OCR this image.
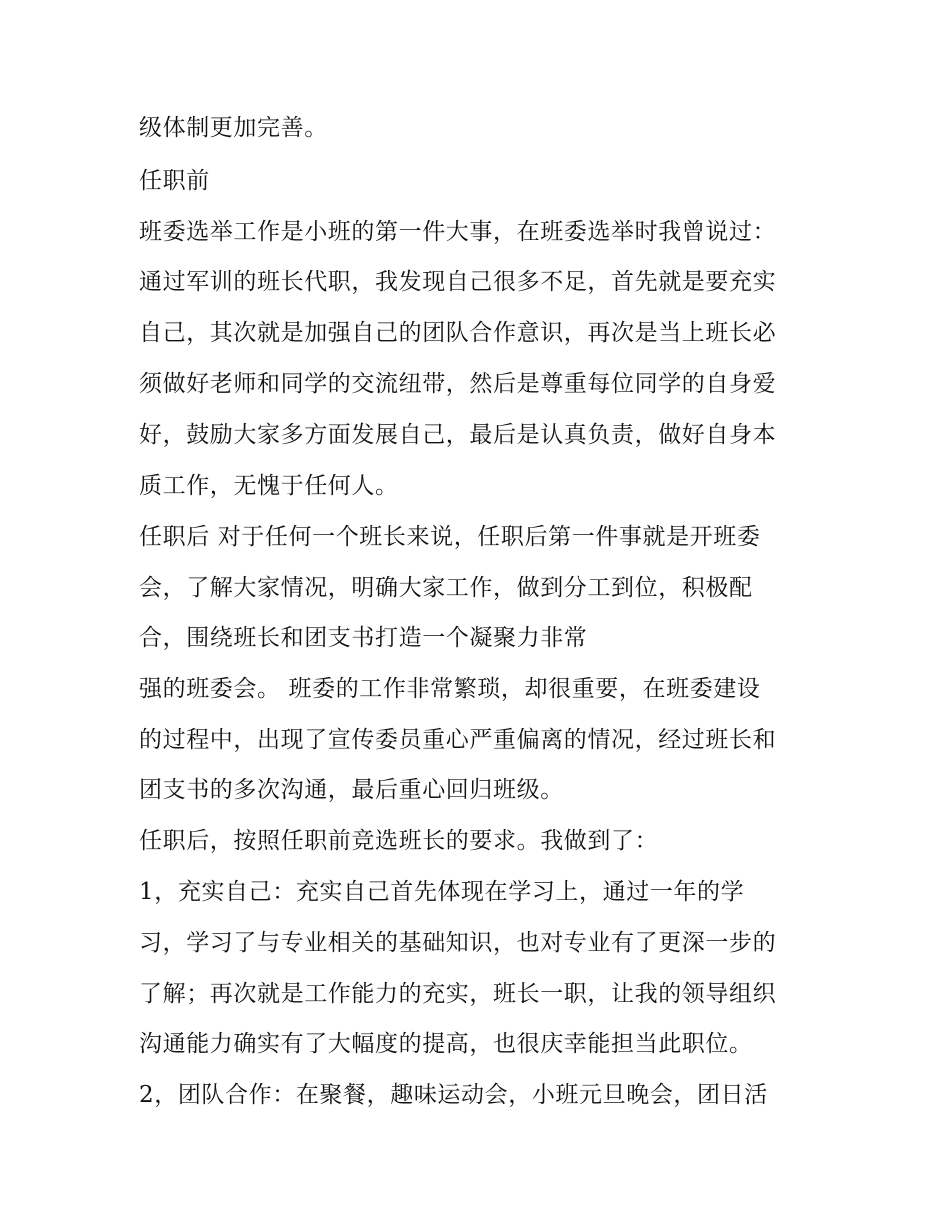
级体制更加完善。
任职前
班委选举工作是小班的第一件大事，在班委选举时我曾说过：
通过军训的班长代职，我发现自己很多不足，首先就是要充实
自己，其次就是加强自己的团队合作意识，再次是当上班长必
须做好老师和同学的交流纽带，然后是尊重每位同学的自身爱
好，鼓励大家多方面发展自己，最后是认真负责，做好自身本
质工作，无愧于任何人。
任职后 对于任何一个班长来说，任职后第一件事就是开班委
会，了解大家情况，明确大家工作，做到分工到位，积极配
合，围绕班长和团支书打造一个凝聚力非常
强的班委会。 班委的工作非常繁琐，却很重要，在班委建设
的过程中，出现了宣传委员重心严重偏离的情况，经过班长和
团支书的多次沟通，最后重心回归班级。
任职后，按照任职前竞选班长的要求。我做到了：
1，充实自己：充实自己首先体现在学习上，通过一年的学
习，学习了与专业相关的基础知识，也对专业有了更深一步的
了解；再次就是工作能力的充实，班长一职，让我的领导组织
沟通能力确实有了大幅度的提高，也很庆幸能担当此职位。
2，团队合作：在聚餐，趣味运动会，小班元旦晚会，团日活
